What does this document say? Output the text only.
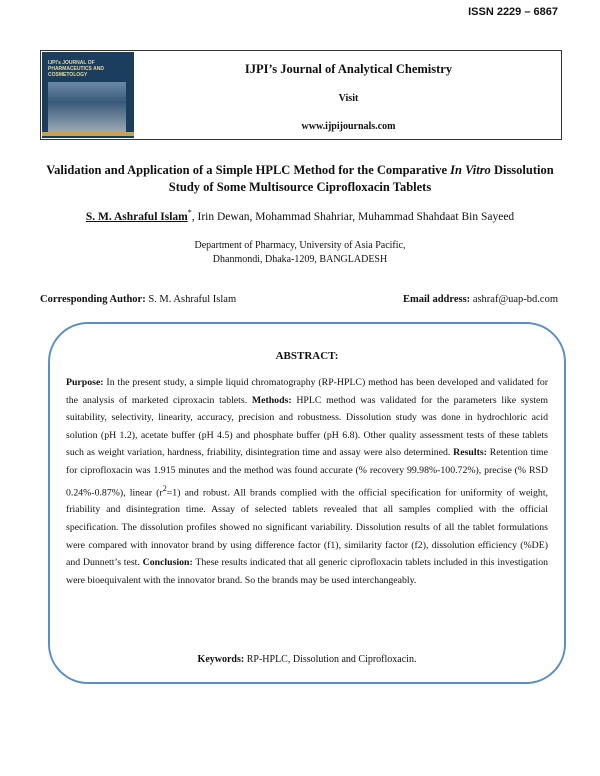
ISSN 2229 – 6867
IJPI's JOURNAL OF PHARMACEUTICS AND COSMETOLOGY	IJPI’s Journal of Analytical Chemistry
Visit
www.ijpijournals.com
Validation and Application of a Simple HPLC Method for the Comparative In Vitro Dissolution Study of Some Multisource Ciprofloxacin Tablets
S. M. Ashraful Islam*, Irin Dewan, Mohammad Shahriar, Muhammad Shahdaat Bin Sayeed
Department of Pharmacy, University of Asia Pacific,
Dhanmondi, Dhaka-1209, BANGLADESH
Corresponding Author: S. M. Ashraful Islam	Email address: ashraf@uap-bd.com
ABSTRACT:
Purpose: In the present study, a simple liquid chromatography (RP-HPLC) method has been developed and validated for the analysis of marketed ciproxacin tablets. Methods: HPLC method was validated for the parameters like system suitability, selectivity, linearity, accuracy, precision and robustness. Dissolution study was done in hydrochloric acid solution (pH 1.2), acetate buffer (pH 4.5) and phosphate buffer (pH 6.8). Other quality assessment tests of these tablets such as weight variation, hardness, friability, disintegration time and assay were also determined. Results: Retention time for ciprofloxacin was 1.915 minutes and the method was found accurate (% recovery 99.98%-100.72%), precise (% RSD 0.24%-0.87%), linear $(r^2=1)$ and robust. All brands complied with the official specification for uniformity of weight, friability and disintegration time. Assay of selected tablets revealed that all samples complied with the official specification. The dissolution profiles showed no significant variability. Dissolution results of all the tablet formulations were compared with innovator brand by using difference factor (f1), similarity factor (f2), dissolution efficiency (%DE) and Dunnett’s test. Conclusion: These results indicated that all generic ciprofloxacin tablets included in this investigation were bioequivalent with the innovator brand. So the brands may be used interchangeably.
Keywords: RP-HPLC, Dissolution and Ciprofloxacin.
